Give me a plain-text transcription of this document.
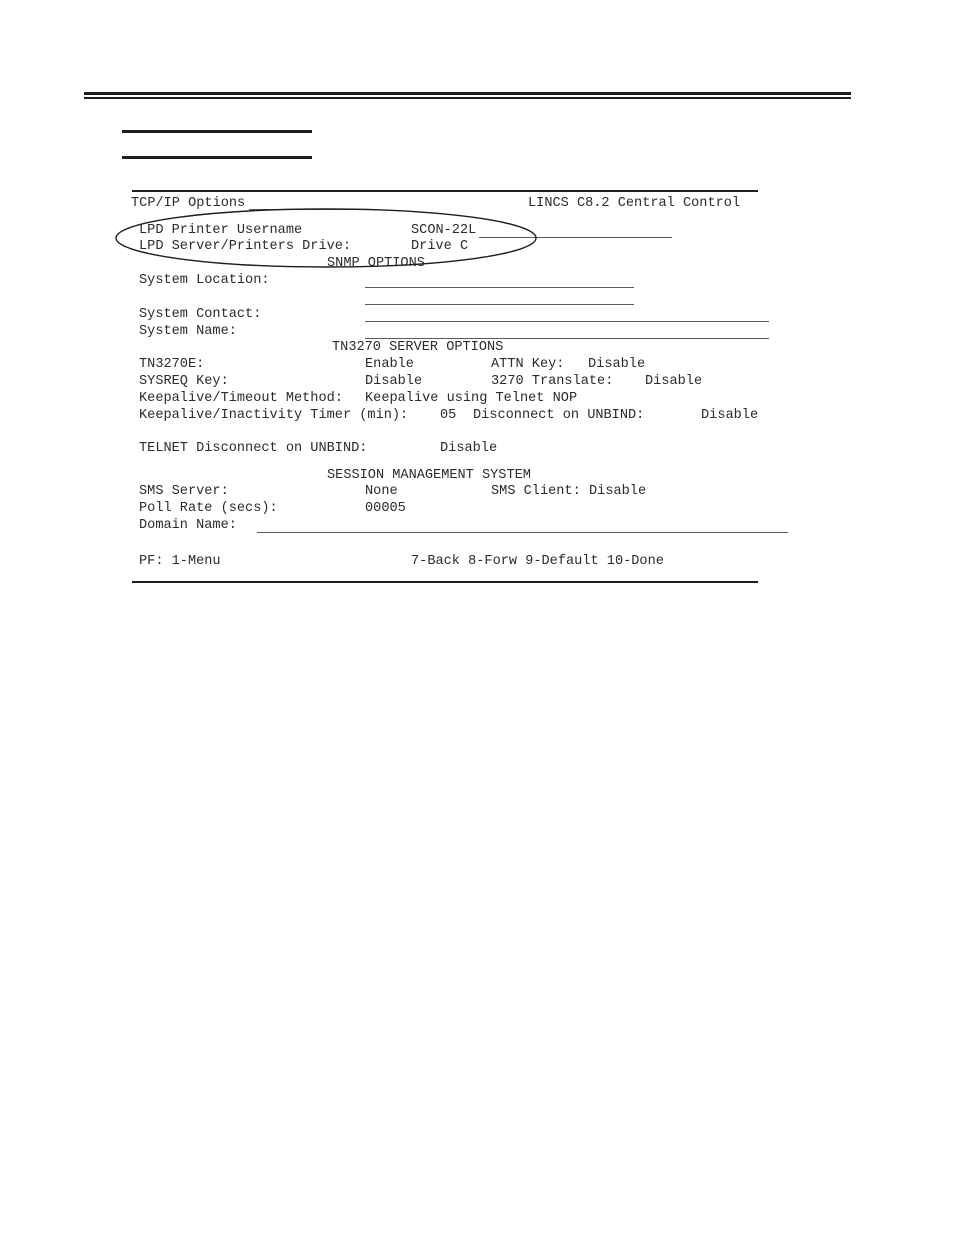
TCP/IP Options	LINCS C8.2 Central Control
LPD Printer Username	SCON-22L
LPD Server/Printers Drive:	Drive C
SNMP OPTIONS
System Location:
System Contact:
System Name:
TN3270 SERVER OPTIONS
TN3270E:	Enable	ATTN Key: Disable
SYSREQ Key:	Disable	3270 Translate: Disable
Keepalive/Timeout Method: Keepalive using Telnet NOP
Keepalive/Inactivity Timer (min): 05 Disconnect on UNBIND:	Disable
TELNET Disconnect on UNBIND:	Disable
SESSION MANAGEMENT SYSTEM
SMS Server:	None	SMS Client: Disable
Poll Rate (secs):	00005
Domain Name:
PF: 1-Menu	7-Back 8-Forw 9-Default 10-Done
